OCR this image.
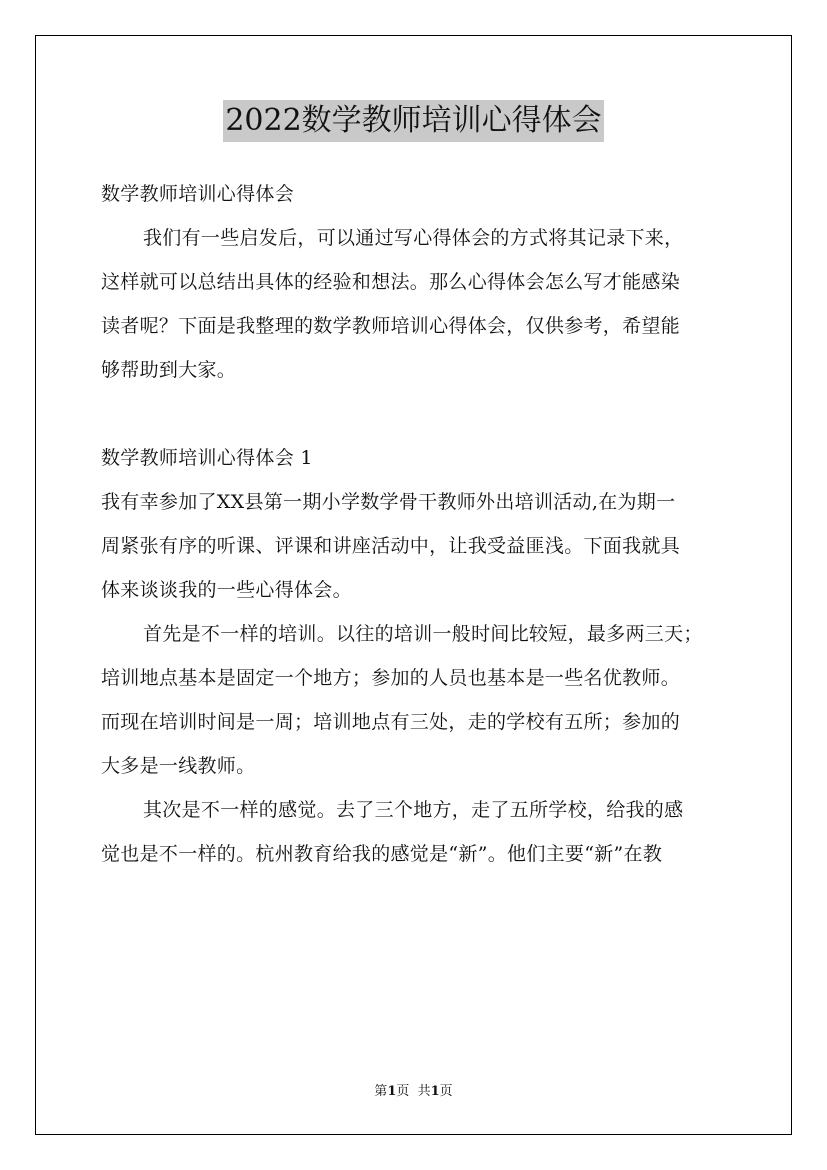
2022数学教师培训心得体会
数学教师培训心得体会
我们有一些启发后，可以通过写心得体会的方式将其记录下来，
这样就可以总结出具体的经验和想法。那么心得体会怎么写才能感染
读者呢？下面是我整理的数学教师培训心得体会，仅供参考，希望能
够帮助到大家。
数学教师培训心得体会 1
我有幸参加了XX县第一期小学数学骨干教师外出培训活动,在为期一
周紧张有序的听课、评课和讲座活动中，让我受益匪浅。下面我就具
体来谈谈我的一些心得体会。
首先是不一样的培训。以往的培训一般时间比较短，最多两三天；
培训地点基本是固定一个地方；参加的人员也基本是一些名优教师。
而现在培训时间是一周；培训地点有三处，走的学校有五所；参加的
大多是一线教师。
其次是不一样的感觉。去了三个地方，走了五所学校，给我的感
觉也是不一样的。杭州教育给我的感觉是“新”。他们主要“新”在教
第1页  共1页
